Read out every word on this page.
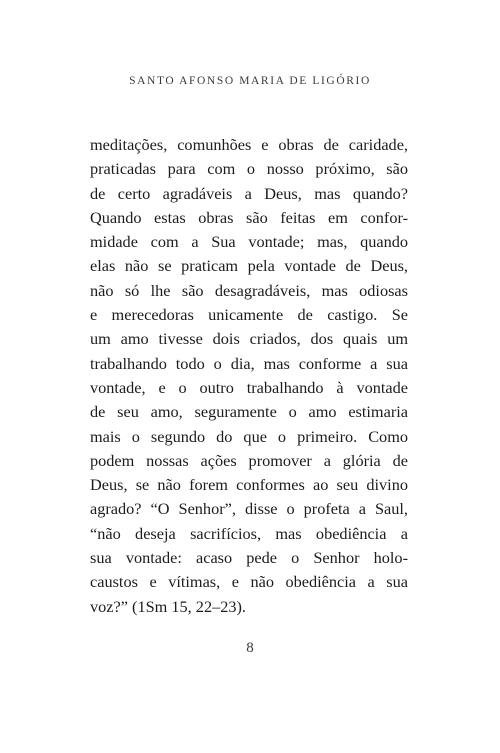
SANTO AFONSO MARIA DE LIGÓRIO
meditações, comunhões e obras de caridade,
praticadas para com o nosso próximo, são
de certo agradáveis a Deus, mas quando?
Quando estas obras são feitas em confor-
midade com a Sua vontade; mas, quando
elas não se praticam pela vontade de Deus,
não só lhe são desagradáveis, mas odiosas
e merecedoras unicamente de castigo. Se
um amo tivesse dois criados, dos quais um
trabalhando todo o dia, mas conforme a sua
vontade, e o outro trabalhando à vontade
de seu amo, seguramente o amo estimaria
mais o segundo do que o primeiro. Como
podem nossas ações promover a glória de
Deus, se não forem conformes ao seu divino
agrado? “O Senhor”, disse o profeta a Saul,
“não deseja sacrifícios, mas obediência a
sua vontade: acaso pede o Senhor holo-
caustos e vítimas, e não obediência a sua
voz?” (1Sm 15, 22–23).
8
